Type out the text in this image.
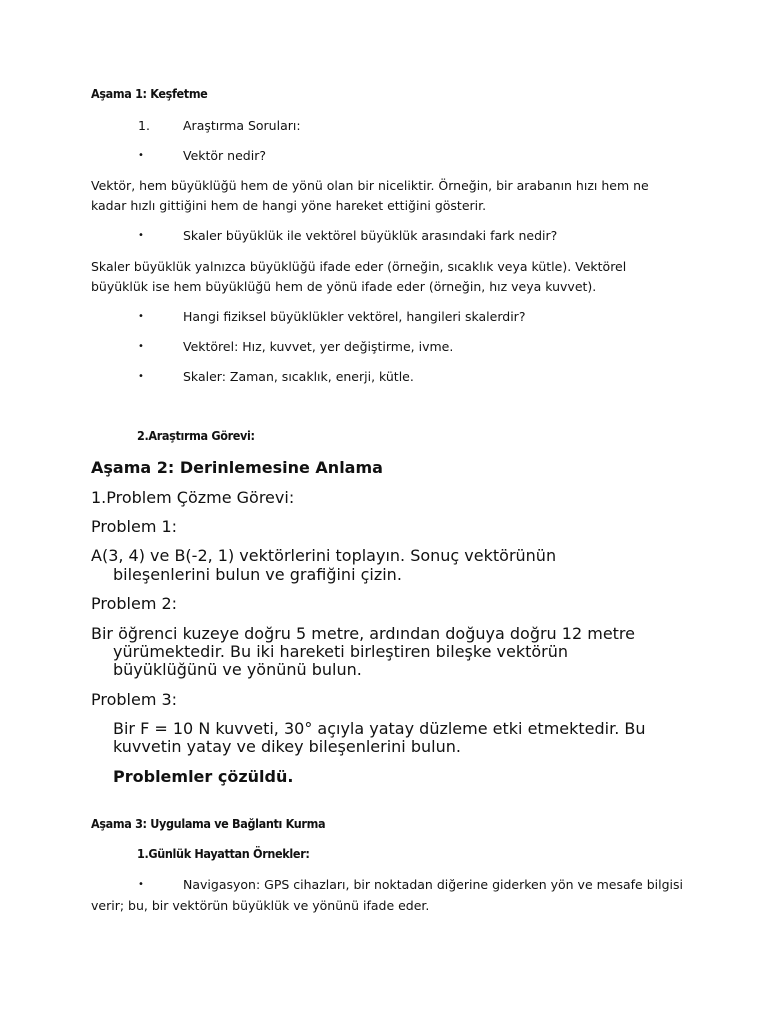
Aşama 1: Keşfetme
1.	Araştırma Soruları:
•	Vektör nedir?
Vektör, hem büyüklüğü hem de yönü olan bir niceliktir. Örneğin, bir arabanın hızı hem ne
kadar hızlı gittiğini hem de hangi yöne hareket ettiğini gösterir.
•	Skaler büyüklük ile vektörel büyüklük arasındaki fark nedir?
Skaler büyüklük yalnızca büyüklüğü ifade eder (örneğin, sıcaklık veya kütle). Vektörel
büyüklük ise hem büyüklüğü hem de yönü ifade eder (örneğin, hız veya kuvvet).
•	Hangi fiziksel büyüklükler vektörel, hangileri skalerdir?
•	Vektörel: Hız, kuvvet, yer değiştirme, ivme.
•	Skaler: Zaman, sıcaklık, enerji, kütle.
2.Araştırma Görevi:
Aşama 2: Derinlemesine Anlama
1.Problem Çözme Görevi:
Problem 1:
A(3, 4) ve B(-2, 1) vektörlerini toplayın. Sonuç vektörünün
bileşenlerini bulun ve grafiğini çizin.
Problem 2:
Bir öğrenci kuzeye doğru 5 metre, ardından doğuya doğru 12 metre
yürümektedir. Bu iki hareketi birleştiren bileşke vektörün
büyüklüğünü ve yönünü bulun.
Problem 3:
Bir F = 10 N kuvveti, 30° açıyla yatay düzleme etki etmektedir. Bu
kuvvetin yatay ve dikey bileşenlerini bulun.
Problemler çözüldü.
Aşama 3: Uygulama ve Bağlantı Kurma
1.Günlük Hayattan Örnekler:
•	Navigasyon: GPS cihazları, bir noktadan diğerine giderken yön ve mesafe bilgisi
verir; bu, bir vektörün büyüklük ve yönünü ifade eder.
